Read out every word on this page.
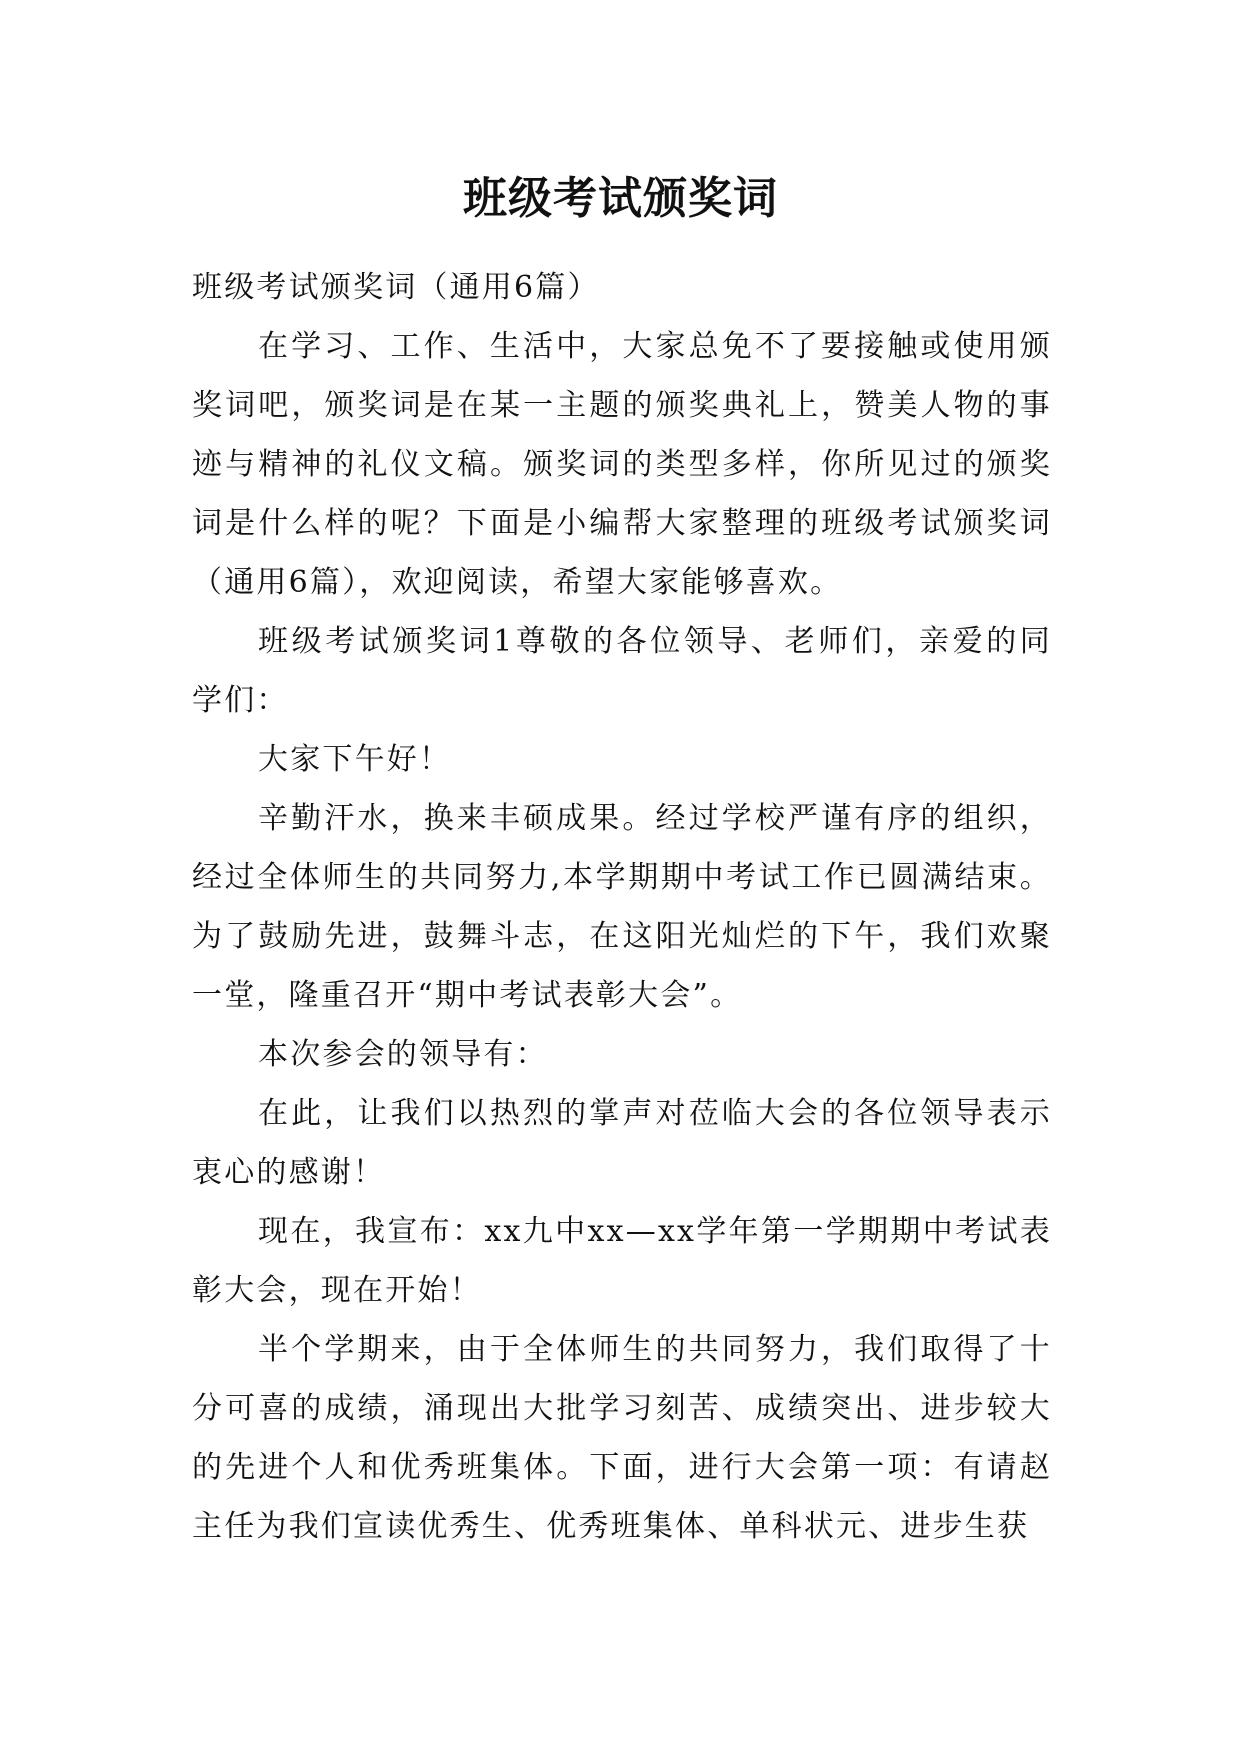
班级考试颁奖词

班级考试颁奖词（通用6篇）

在学习、工作、生活中，大家总免不了要接触或使用颁奖词吧，颁奖词是在某一主题的颁奖典礼上，赞美人物的事迹与精神的礼仪文稿。颁奖词的类型多样，你所见过的颁奖词是什么样的呢？下面是小编帮大家整理的班级考试颁奖词（通用6篇），欢迎阅读，希望大家能够喜欢。

班级考试颁奖词1尊敬的各位领导、老师们，亲爱的同学们：

大家下午好！

辛勤汗水，换来丰硕成果。经过学校严谨有序的组织，经过全体师生的共同努力,本学期期中考试工作已圆满结束。为了鼓励先进，鼓舞斗志，在这阳光灿烂的下午，我们欢聚一堂，隆重召开“期中考试表彰大会”。

本次参会的领导有：

在此，让我们以热烈的掌声对莅临大会的各位领导表示衷心的感谢！

现在，我宣布：xx九中xx—xx学年第一学期期中考试表彰大会，现在开始！

半个学期来，由于全体师生的共同努力，我们取得了十分可喜的成绩，涌现出大批学习刻苦、成绩突出、进步较大的先进个人和优秀班集体。下面，进行大会第一项：有请赵主任为我们宣读优秀生、优秀班集体、单科状元、进步生获
